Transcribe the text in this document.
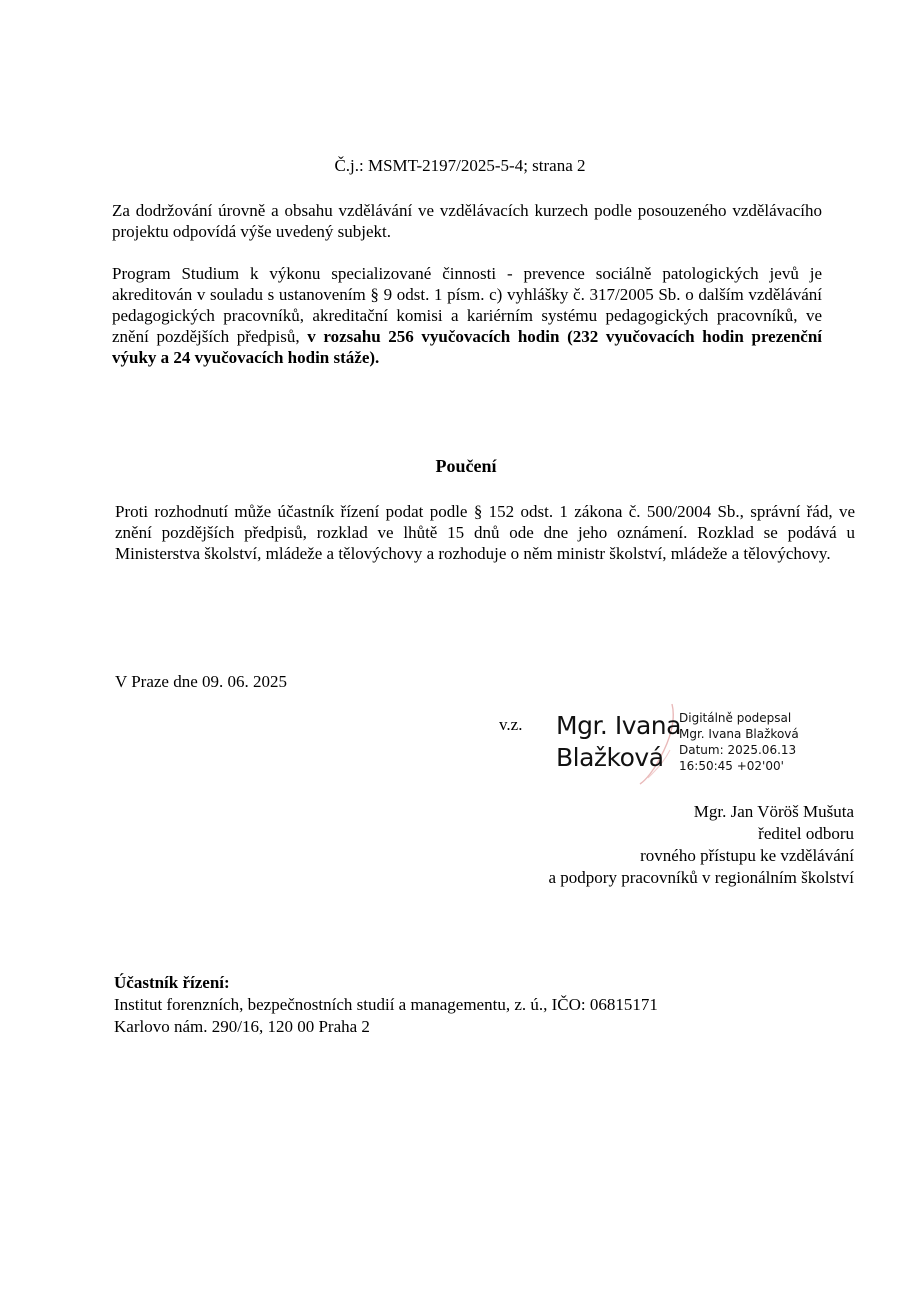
Č.j.: MSMT-2197/2025-5-4; strana 2
Za dodržování úrovně a obsahu vzdělávání ve vzdělávacích kurzech podle posouzeného vzdělávacího projektu odpovídá výše uvedený subjekt.
Program Studium k výkonu specializované činnosti - prevence sociálně patologických jevů je akreditován v souladu s ustanovením § 9 odst. 1 písm. c) vyhlášky č. 317/2005 Sb. o dalším vzdělávání pedagogických pracovníků, akreditační komisi a kariérním systému pedagogických pracovníků, ve znění pozdějších předpisů, v rozsahu 256 vyučovacích hodin (232 vyučovacích hodin prezenční výuky a 24 vyučovacích hodin stáže).
Poučení
Proti rozhodnutí může účastník řízení podat podle § 152 odst. 1 zákona č. 500/2004 Sb., správní řád, ve znění pozdějších předpisů, rozklad ve lhůtě 15 dnů ode dne jeho oznámení. Rozklad se podává u Ministerstva školství, mládeže a tělovýchovy a rozhoduje o něm ministr školství, mládeže a tělovýchovy.
V Praze dne 09. 06. 2025
v.z. Mgr. Ivana
Blažková
Digitálně podepsal
Mgr. Ivana Blažková
Datum: 2025.06.13
16:50:45 +02'00'
Mgr. Jan Vöröš Mušuta
ředitel odboru
rovného přístupu ke vzdělávání
a podpory pracovníků v regionálním školství
Účastník řízení:
Institut forenzních, bezpečnostních studií a managementu, z. ú., IČO: 06815171
Karlovo nám. 290/16, 120 00 Praha 2
